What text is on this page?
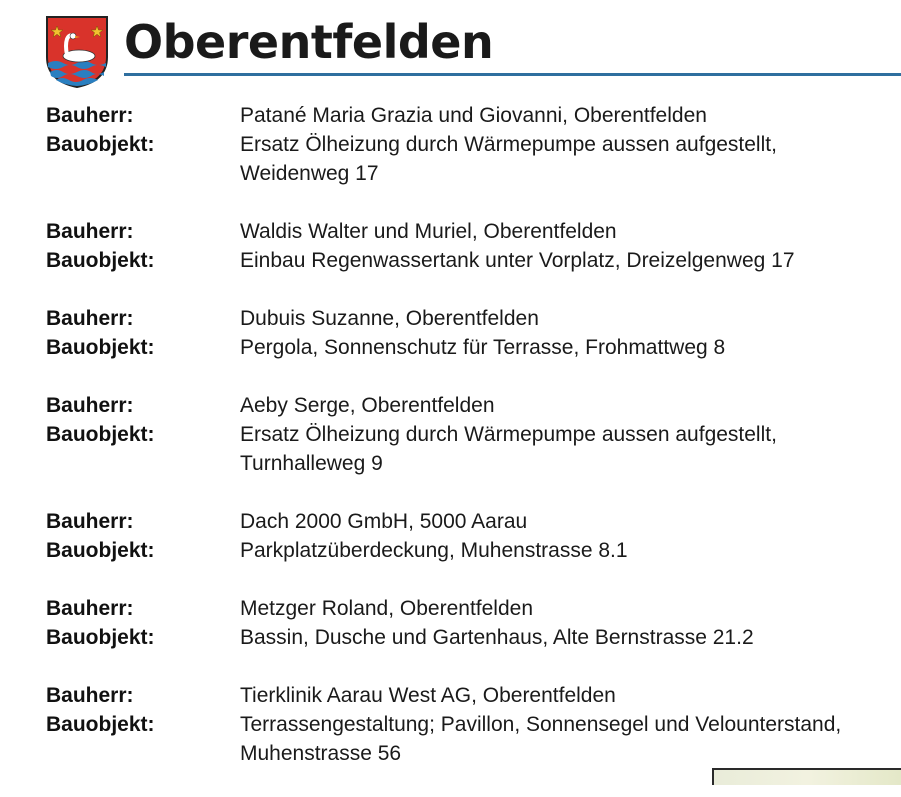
Oberentfelden
Bauherr:	Patané Maria Grazia und Giovanni, Oberentfelden
Bauobjekt:	Ersatz Ölheizung durch Wärmepumpe aussen aufgestellt,
Weidenweg 17
Bauherr:	Waldis Walter und Muriel, Oberentfelden
Bauobjekt:	Einbau Regenwassertank unter Vorplatz, Dreizelgenweg 17
Bauherr:	Dubuis Suzanne, Oberentfelden
Bauobjekt:	Pergola, Sonnenschutz für Terrasse, Frohmattweg 8
Bauherr:	Aeby Serge, Oberentfelden
Bauobjekt:	Ersatz Ölheizung durch Wärmepumpe aussen aufgestellt,
Turnhalleweg 9
Bauherr:	Dach 2000 GmbH, 5000 Aarau
Bauobjekt:	Parkplatzüberdeckung, Muhenstrasse 8.1
Bauherr:	Metzger Roland, Oberentfelden
Bauobjekt:	Bassin, Dusche und Gartenhaus, Alte Bernstrasse 21.2
Bauherr:	Tierklinik Aarau West AG, Oberentfelden
Bauobjekt:	Terrassengestaltung; Pavillon, Sonnensegel und Velounterstand,
Muhenstrasse 56
